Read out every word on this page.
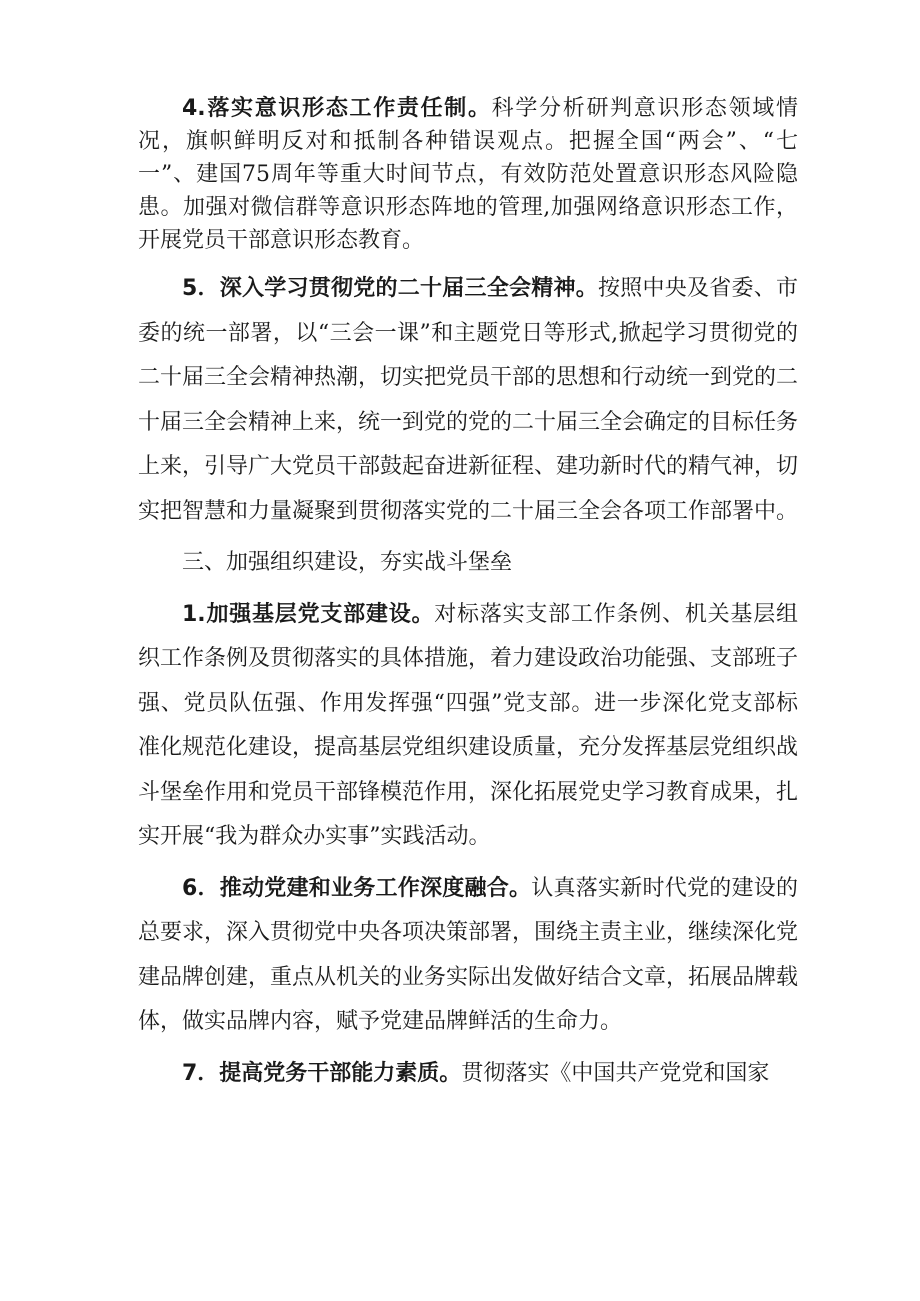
4.落实意识形态工作责任制。科学分析研判意识形态领域情况，旗帜鲜明反对和抵制各种错误观点。把握全国“两会”、“七一”、建国75周年等重大时间节点，有效防范处置意识形态风险隐患。加强对微信群等意识形态阵地的管理,加强网络意识形态工作，开展党员干部意识形态教育。

5．深入学习贯彻党的二十届三全会精神。按照中央及省委、市委的统一部署，以“三会一课”和主题党日等形式,掀起学习贯彻党的二十届三全会精神热潮，切实把党员干部的思想和行动统一到党的二十届三全会精神上来，统一到党的党的二十届三全会确定的目标任务上来，引导广大党员干部鼓起奋进新征程、建功新时代的精气神，切实把智慧和力量凝聚到贯彻落实党的二十届三全会各项工作部署中。

三、加强组织建设，夯实战斗堡垒

1.加强基层党支部建设。对标落实支部工作条例、机关基层组织工作条例及贯彻落实的具体措施，着力建设政治功能强、支部班子强、党员队伍强、作用发挥强“四强”党支部。进一步深化党支部标准化规范化建设，提高基层党组织建设质量，充分发挥基层党组织战斗堡垒作用和党员干部锋模范作用，深化拓展党史学习教育成果，扎实开展“我为群众办实事”实践活动。

6．推动党建和业务工作深度融合。认真落实新时代党的建设的总要求，深入贯彻党中央各项决策部署，围绕主责主业，继续深化党建品牌创建，重点从机关的业务实际出发做好结合文章，拓展品牌载体，做实品牌内容，赋予党建品牌鲜活的生命力。

7．提高党务干部能力素质。贯彻落实《中国共产党党和国家
